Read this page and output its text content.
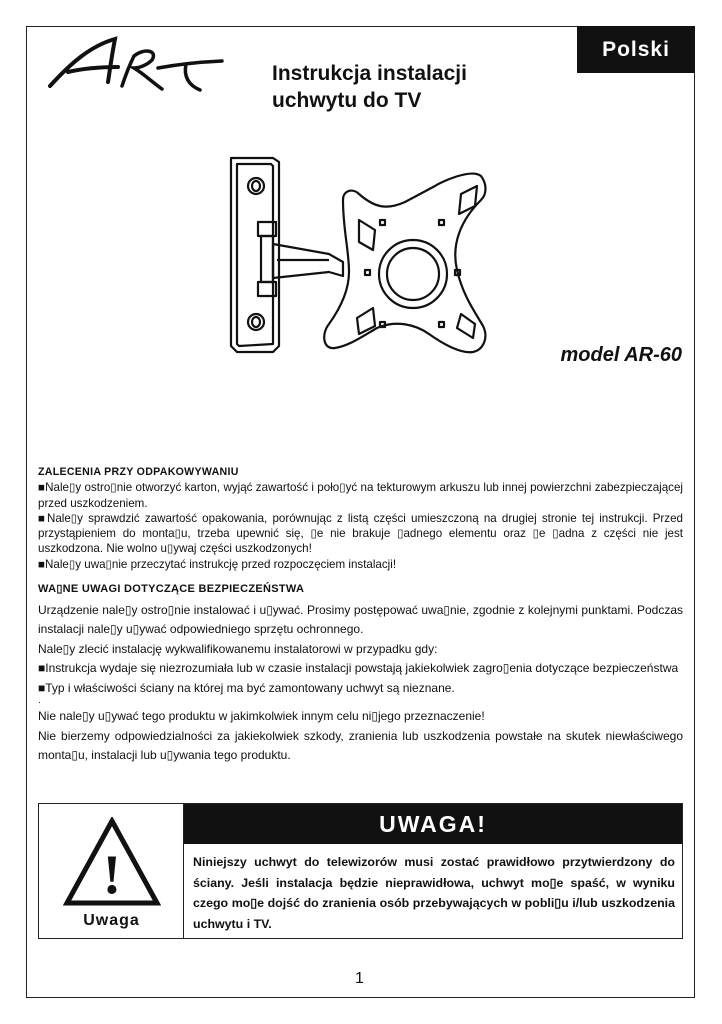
Polski
Instrukcja instalacji
uchwytu do TV
model AR-60
ZALECENIA PRZY ODPAKOWYWANIU

■Nale▯y ostro▯nie otworzyć karton, wyjąć zawartość i poło▯yć na tekturowym arkuszu lub innej powierzchni zabezpieczającej przed uszkodzeniem.

■Nale▯y sprawdzić zawartość opakowania, porównując z listą części umieszczoną na drugiej stronie tej instrukcji. Przed przystąpieniem do monta▯u, trzeba upewnić się, ▯e nie brakuje ▯adnego elementu oraz ▯e ▯adna z części nie jest uszkodzona. Nie wolno u▯ywaj części uszkodzonych!

■Nale▯y uwa▯nie przeczytać instrukcję przed rozpoczęciem instalacji!

WA▯NE UWAGI DOTYCZĄCE BEZPIECZEŃSTWA

Urządzenie nale▯y ostro▯nie instalować i u▯ywać. Prosimy postępować uwa▯nie, zgodnie z kolejnymi punktami. Podczas instalacji nale▯y u▯ywać odpowiedniego sprzętu ochronnego.

Nale▯y zlecić instalację wykwalifikowanemu instalatorowi w przypadku gdy:

■Instrukcja wydaje się niezrozumiała lub w czasie instalacji powstają jakiekolwiek zagro▯enia dotyczące bezpieczeństwa

■Typ i właściwości ściany na której ma być zamontowany uchwyt są nieznane.

·

Nie nale▯y u▯ywać tego produktu w jakimkolwiek innym celu ni▯jego przeznaczenie!

Nie bierzemy odpowiedzialności za jakiekolwiek szkody, zranienia lub uszkodzenia powstałe na skutek niewłaściwego monta▯u, instalacji lub u▯ywania tego produktu.

!
Uwaga
UWAGA!
Niniejszy uchwyt do telewizorów musi zostać prawidłowo przytwierdzony do ściany. Jeśli instalacja będzie nieprawidłowa, uchwyt mo▯e spaść, w wyniku czego mo▯e dojść do zranienia osób przebywających w pobli▯u i/lub uszkodzenia uchwytu i TV.
1
